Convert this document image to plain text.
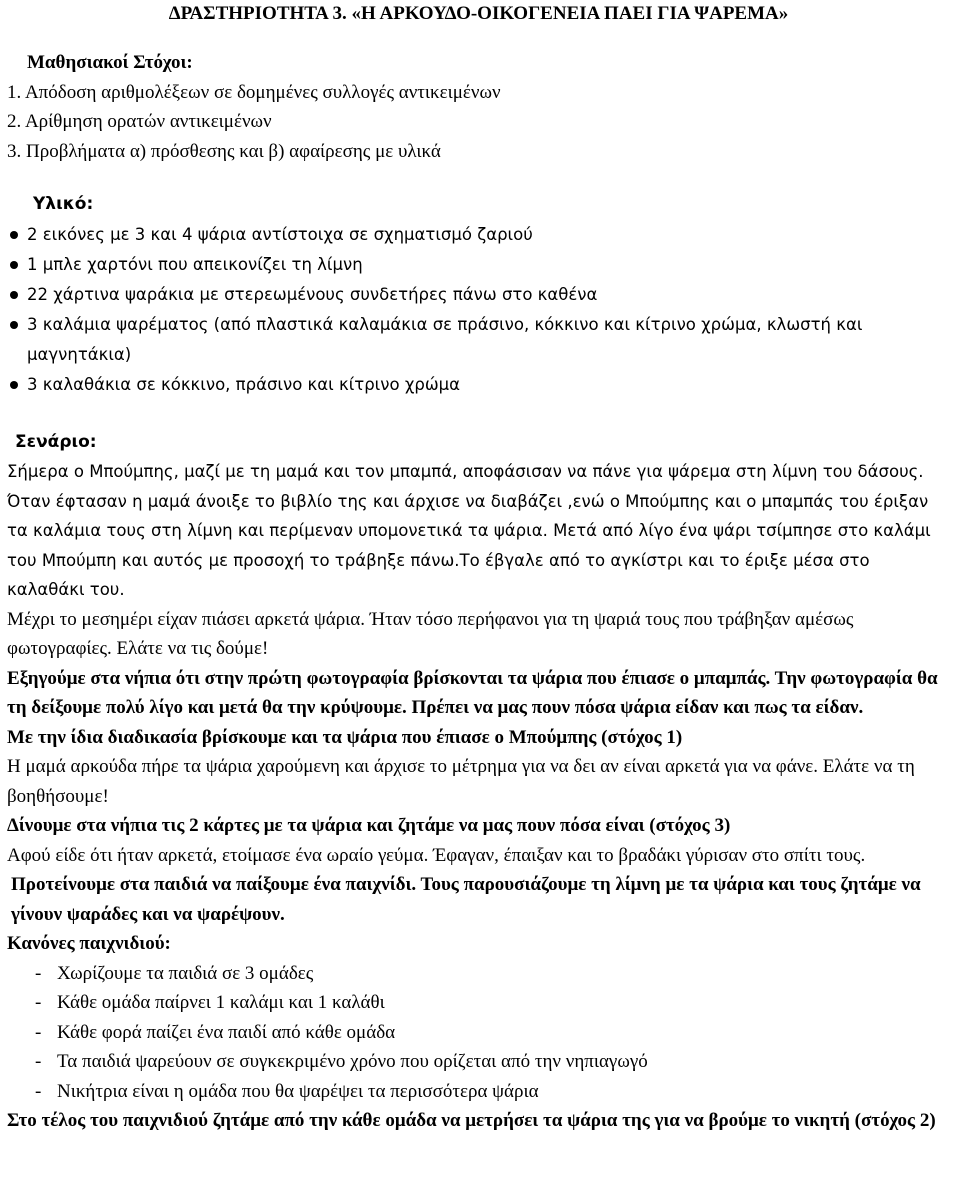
ΔΡΑΣΤΗΡΙΟΤΗΤΑ 3. «Η ΑΡΚΟΥΔΟ-ΟΙΚΟΓΕΝΕΙΑ ΠΑΕΙ ΓΙΑ ΨΑΡΕΜΑ»

Μαθησιακοί Στόχοι:

1. Απόδοση αριθμολέξεων σε δομημένες συλλογές αντικειμένων
2. Αρίθμηση ορατών αντικειμένων
3. Προβλήματα α) πρόσθεσης και β) αφαίρεσης με υλικά

Υλικό:

2 εικόνες με 3 και 4 ψάρια αντίστοιχα σε σχηματισμό ζαριού
1 μπλε χαρτόνι που απεικονίζει τη λίμνη
22 χάρτινα ψαράκια με στερεωμένους συνδετήρες πάνω στο καθένα
3 καλάμια ψαρέματος (από πλαστικά καλαμάκια σε πράσινο, κόκκινο και κίτρινο χρώμα, κλωστή και μαγνητάκια)
3 καλαθάκια σε κόκκινο, πράσινο και κίτρινο χρώμα

Σενάριο:

Σήμερα ο Μπούμπης, μαζί με τη μαμά και τον μπαμπά, αποφάσισαν να πάνε για ψάρεμα στη λίμνη του δάσους. Όταν έφτασαν η μαμά άνοιξε το βιβλίο της και άρχισε να διαβάζει ,ενώ ο Μπούμπης και ο μπαμπάς του έριξαν τα καλάμια τους στη λίμνη και περίμεναν υπομονετικά τα ψάρια. Μετά από λίγο ένα ψάρι τσίμπησε στο καλάμι του Μπούμπη και αυτός με προσοχή το τράβηξε πάνω.Το έβγαλε από το αγκίστρι και το έριξε μέσα στο καλαθάκι του.

Μέχρι το μεσημέρι είχαν πιάσει αρκετά ψάρια. Ήταν τόσο περήφανοι για τη ψαριά τους που τράβηξαν αμέσως φωτογραφίες. Ελάτε να τις δούμε!

Εξηγούμε στα νήπια ότι στην πρώτη φωτογραφία βρίσκονται τα ψάρια που έπιασε ο μπαμπάς. Την φωτογραφία θα τη δείξουμε πολύ λίγο και μετά θα την κρύψουμε. Πρέπει να μας πουν πόσα ψάρια είδαν και πως τα είδαν.

Με την ίδια διαδικασία βρίσκουμε και τα ψάρια που έπιασε ο Μπούμπης (στόχος 1)

Η μαμά αρκούδα πήρε τα ψάρια χαρούμενη και άρχισε το μέτρημα για να δει αν είναι αρκετά για να φάνε. Ελάτε να τη βοηθήσουμε!

Δίνουμε στα νήπια τις 2 κάρτες με τα ψάρια και ζητάμε να μας πουν πόσα είναι (στόχος 3)

Αφού είδε ότι ήταν αρκετά, ετοίμασε ένα ωραίο γεύμα. Έφαγαν, έπαιξαν και το βραδάκι γύρισαν στο σπίτι τους.

Προτείνουμε στα παιδιά να παίξουμε ένα παιχνίδι. Τους παρουσιάζουμε τη λίμνη με τα ψάρια και τους ζητάμε να γίνουν ψαράδες και να ψαρέψουν.

Κανόνες παιχνιδιού:

- Χωρίζουμε τα παιδιά σε 3 ομάδες
- Κάθε ομάδα παίρνει 1 καλάμι και 1 καλάθι
- Κάθε φορά παίζει ένα παιδί από κάθε ομάδα
- Τα παιδιά ψαρεύουν σε συγκεκριμένο χρόνο που ορίζεται από την νηπιαγωγό
- Νικήτρια είναι η ομάδα που θα ψαρέψει τα περισσότερα ψάρια

Στο τέλος του παιχνιδιού ζητάμε από την κάθε ομάδα να μετρήσει τα ψάρια της για να βρούμε το νικητή (στόχος 2)
